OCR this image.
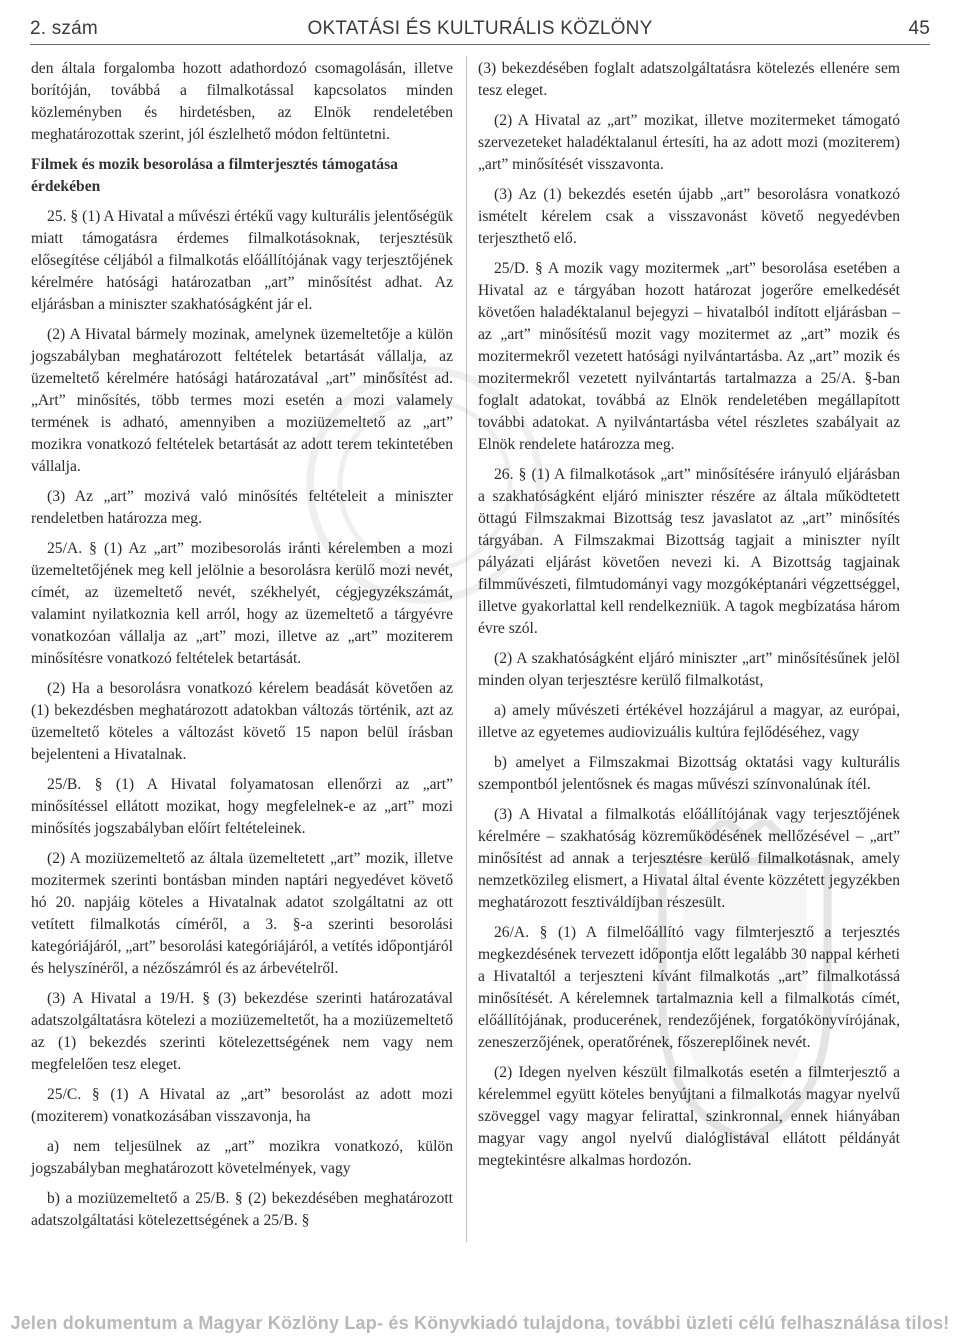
2. szám	OKTATÁSI ÉS KULTURÁLIS KÖZLÖNY	45

den általa forgalomba hozott adathordozó csomagolásán, illetve borítóján, továbbá a filmalkotással kapcsolatos minden közleményben és hirdetésben, az Elnök rendeletében meghatározottak szerint, jól észlelhető módon feltüntetni.

Filmek és mozik besorolása a filmterjesztés támogatása érdekében

25. § (1) A Hivatal a művészi értékű vagy kulturális jelentőségük miatt támogatásra érdemes filmalkotásoknak, terjesztésük elősegítése céljából a filmalkotás előállítójának vagy terjesztőjének kérelmére hatósági határozatban „art” minősítést adhat. Az eljárásban a miniszter szakhatóságként jár el.

(2) A Hivatal bármely mozinak, amelynek üzemeltetője a külön jogszabályban meghatározott feltételek betartását vállalja, az üzemeltető kérelmére hatósági határozatával „art” minősítést ad. „Art” minősítés, több termes mozi esetén a mozi valamely termének is adható, amennyiben a moziüzemeltető az „art” mozikra vonatkozó feltételek betartását az adott terem tekintetében vállalja.

(3) Az „art” mozivá való minősítés feltételeit a miniszter rendeletben határozza meg.

25/A. § (1) Az „art” mozibesorolás iránti kérelemben a mozi üzemeltetőjének meg kell jelölnie a besorolásra kerülő mozi nevét, címét, az üzemeltető nevét, székhelyét, cégjegyzékszámát, valamint nyilatkoznia kell arról, hogy az üzemeltető a tárgyévre vonatkozóan vállalja az „art” mozi, illetve az „art” moziterem minősítésre vonatkozó feltételek betartását.

(2) Ha a besorolásra vonatkozó kérelem beadását követően az (1) bekezdésben meghatározott adatokban változás történik, azt az üzemeltető köteles a változást követő 15 napon belül írásban bejelenteni a Hivatalnak.

25/B. § (1) A Hivatal folyamatosan ellenőrzi az „art” minősítéssel ellátott mozikat, hogy megfelelnek-e az „art” mozi minősítés jogszabályban előírt feltételeinek.

(2) A moziüzemeltető az általa üzemeltetett „art” mozik, illetve mozitermek szerinti bontásban minden naptári negyedévet követő hó 20. napjáig köteles a Hivatalnak adatot szolgáltatni az ott vetített filmalkotás címéről, a 3. §-a szerinti besorolási kategóriájáról, „art” besorolási kategóriájáról, a vetítés időpontjáról és helyszínéről, a nézőszámról és az árbevételről.

(3) A Hivatal a 19/H. § (3) bekezdése szerinti határozatával adatszolgáltatásra kötelezi a moziüzemeltetőt, ha a moziüzemeltető az (1) bekezdés szerinti kötelezettségének nem vagy nem megfelelően tesz eleget.

25/C. § (1) A Hivatal az „art” besorolást az adott mozi (moziterem) vonatkozásában visszavonja, ha

a) nem teljesülnek az „art” mozikra vonatkozó, külön jogszabályban meghatározott követelmények, vagy

b) a moziüzemeltető a 25/B. § (2) bekezdésében meghatározott adatszolgáltatási kötelezettségének a 25/B. §

(3) bekezdésében foglalt adatszolgáltatásra kötelezés ellenére sem tesz eleget.

(2) A Hivatal az „art” mozikat, illetve mozitermeket támogató szervezeteket haladéktalanul értesíti, ha az adott mozi (moziterem) „art” minősítését visszavonta.

(3) Az (1) bekezdés esetén újabb „art” besorolásra vonatkozó ismételt kérelem csak a visszavonást követő negyedévben terjeszthető elő.

25/D. § A mozik vagy mozitermek „art” besorolása esetében a Hivatal az e tárgyában hozott határozat jogerőre emelkedését követően haladéktalanul bejegyzi – hivatalból indított eljárásban – az „art” minősítésű mozit vagy mozitermet az „art” mozik és mozitermekről vezetett hatósági nyilvántartásba. Az „art” mozik és mozitermekről vezetett nyilvántartás tartalmazza a 25/A. §-ban foglalt adatokat, továbbá az Elnök rendeletében megállapított további adatokat. A nyilvántartásba vétel részletes szabályait az Elnök rendelete határozza meg.

26. § (1) A filmalkotások „art” minősítésére irányuló eljárásban a szakhatóságként eljáró miniszter részére az általa működtetett öttagú Filmszakmai Bizottság tesz javaslatot az „art” minősítés tárgyában. A Filmszakmai Bizottság tagjait a miniszter nyílt pályázati eljárást követően nevezi ki. A Bizottság tagjainak filmművészeti, filmtudományi vagy mozgóképtanári végzettséggel, illetve gyakorlattal kell rendelkezniük. A tagok megbízatása három évre szól.

(2) A szakhatóságként eljáró miniszter „art” minősítésűnek jelöl minden olyan terjesztésre kerülő filmalkotást,

a) amely művészeti értékével hozzájárul a magyar, az európai, illetve az egyetemes audiovizuális kultúra fejlődéséhez, vagy

b) amelyet a Filmszakmai Bizottság oktatási vagy kulturális szempontból jelentősnek és magas művészi színvonalúnak ítél.

(3) A Hivatal a filmalkotás előállítójának vagy terjesztőjének kérelmére – szakhatóság közreműködésének mellőzésével – „art” minősítést ad annak a terjesztésre kerülő filmalkotásnak, amely nemzetközileg elismert, a Hivatal által évente közzétett jegyzékben meghatározott fesztiváldíjban részesült.

26/A. § (1) A filmelőállító vagy filmterjesztő a terjesztés megkezdésének tervezett időpontja előtt legalább 30 nappal kérheti a Hivataltól a terjeszteni kívánt filmalkotás „art” filmalkotássá minősítését. A kérelemnek tartalmaznia kell a filmalkotás címét, előállítójának, producerének, rendezőjének, forgatókönyvírójának, zeneszerzőjének, operatőrének, főszereplőinek nevét.

(2) Idegen nyelven készült filmalkotás esetén a filmterjesztő a kérelemmel együtt köteles benyújtani a filmalkotás magyar nyelvű szöveggel vagy magyar felirattal, szinkronnal, ennek hiányában magyar vagy angol nyelvű dialóglistával ellátott példányát megtekintésre alkalmas hordozón.

Jelen dokumentum a Magyar Közlöny Lap- és Könyvkiadó tulajdona, további üzleti célú felhasználása tilos!
